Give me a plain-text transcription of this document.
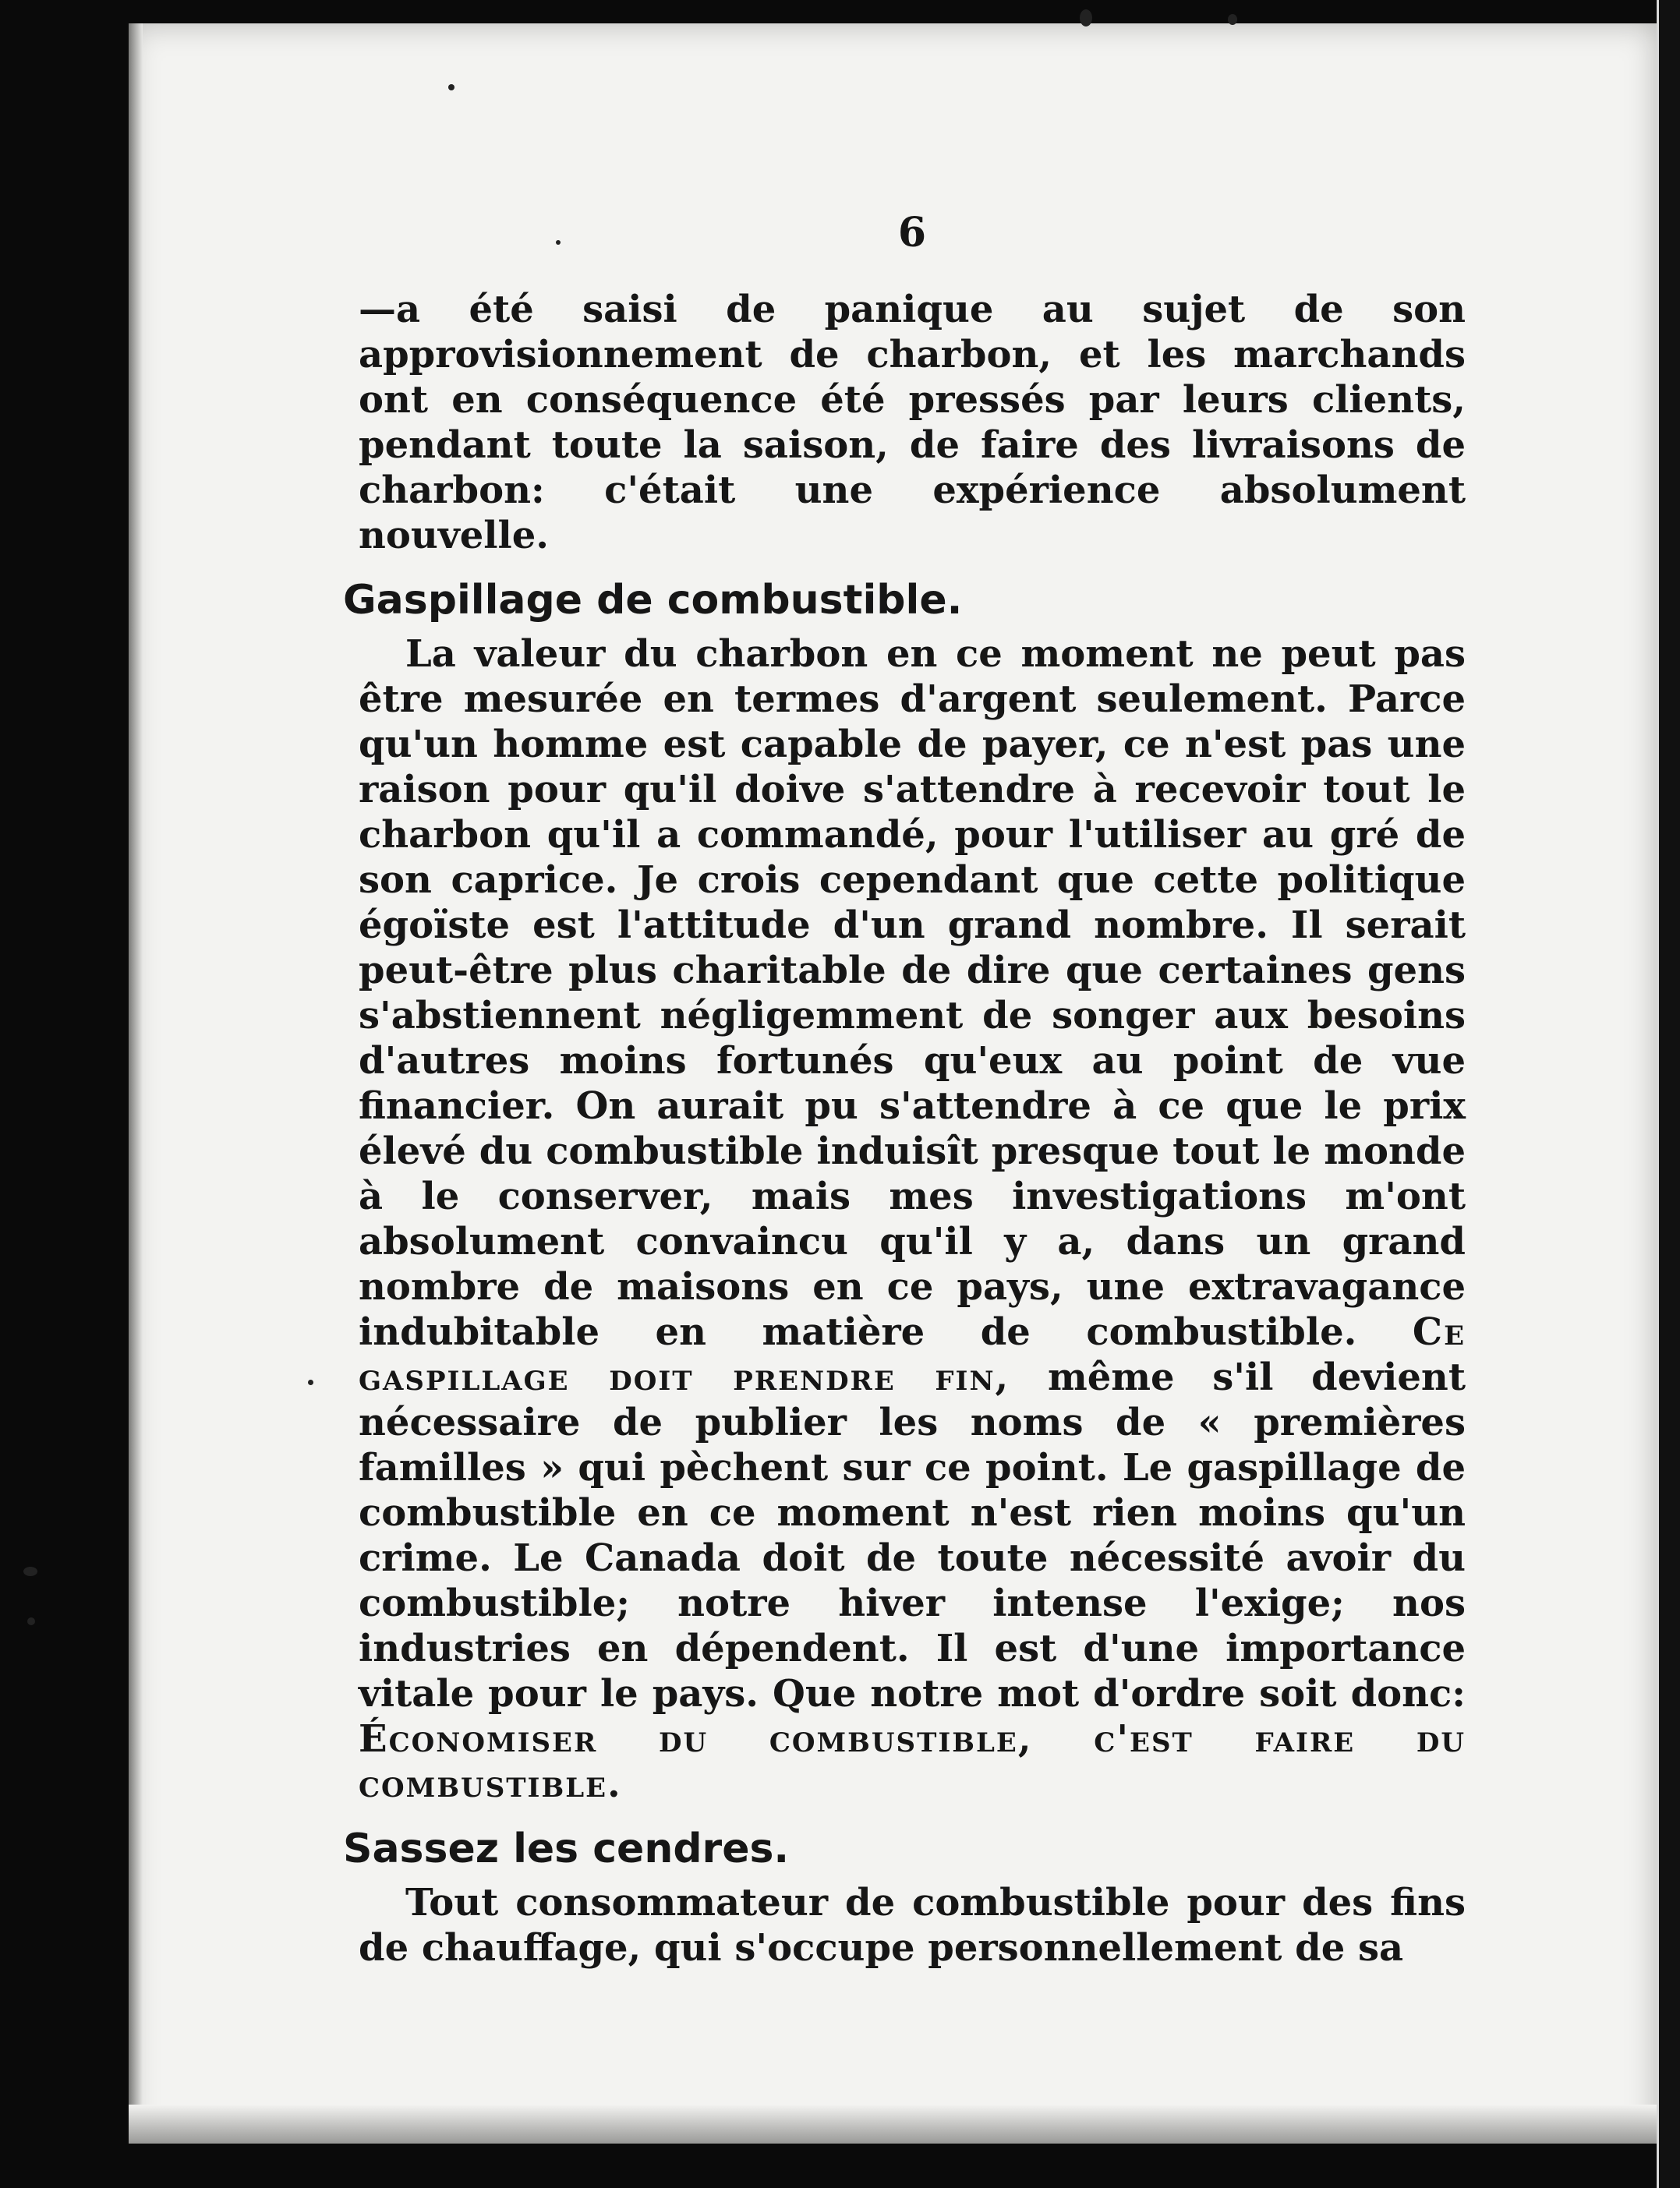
6

—a été saisi de panique au sujet de son approvisionnement de charbon, et les marchands ont en conséquence été pressés par leurs clients, pendant toute la saison, de faire des livraisons de charbon: c'était une expérience absolument nouvelle.

Gaspillage de combustible.

La valeur du charbon en ce moment ne peut pas être mesurée en termes d'argent seulement. Parce qu'un homme est capable de payer, ce n'est pas une raison pour qu'il doive s'attendre à recevoir tout le charbon qu'il a commandé, pour l'utiliser au gré de son caprice. Je crois cependant que cette politique égoïste est l'attitude d'un grand nombre. Il serait peut-être plus charitable de dire que certaines gens s'abstiennent négligemment de songer aux besoins d'autres moins fortunés qu'eux au point de vue financier. On aurait pu s'attendre à ce que le prix élevé du combustible induisît presque tout le monde à le conserver, mais mes investigations m'ont absolument convaincu qu'il y a, dans un grand nombre de maisons en ce pays, une extravagance indubitable en matière de combustible. Ce gaspillage doit prendre fin, même s'il devient nécessaire de publier les noms de « premières familles » qui pèchent sur ce point. Le gaspillage de combustible en ce moment n'est rien moins qu'un crime. Le Canada doit de toute nécessité avoir du combustible; notre hiver intense l'exige; nos industries en dépendent. Il est d'une importance vitale pour le pays. Que notre mot d'ordre soit donc: Économiser du combustible, c'est faire du combustible.

Sassez les cendres.

Tout consommateur de combustible pour des fins de chauffage, qui s'occupe personnellement de sa
